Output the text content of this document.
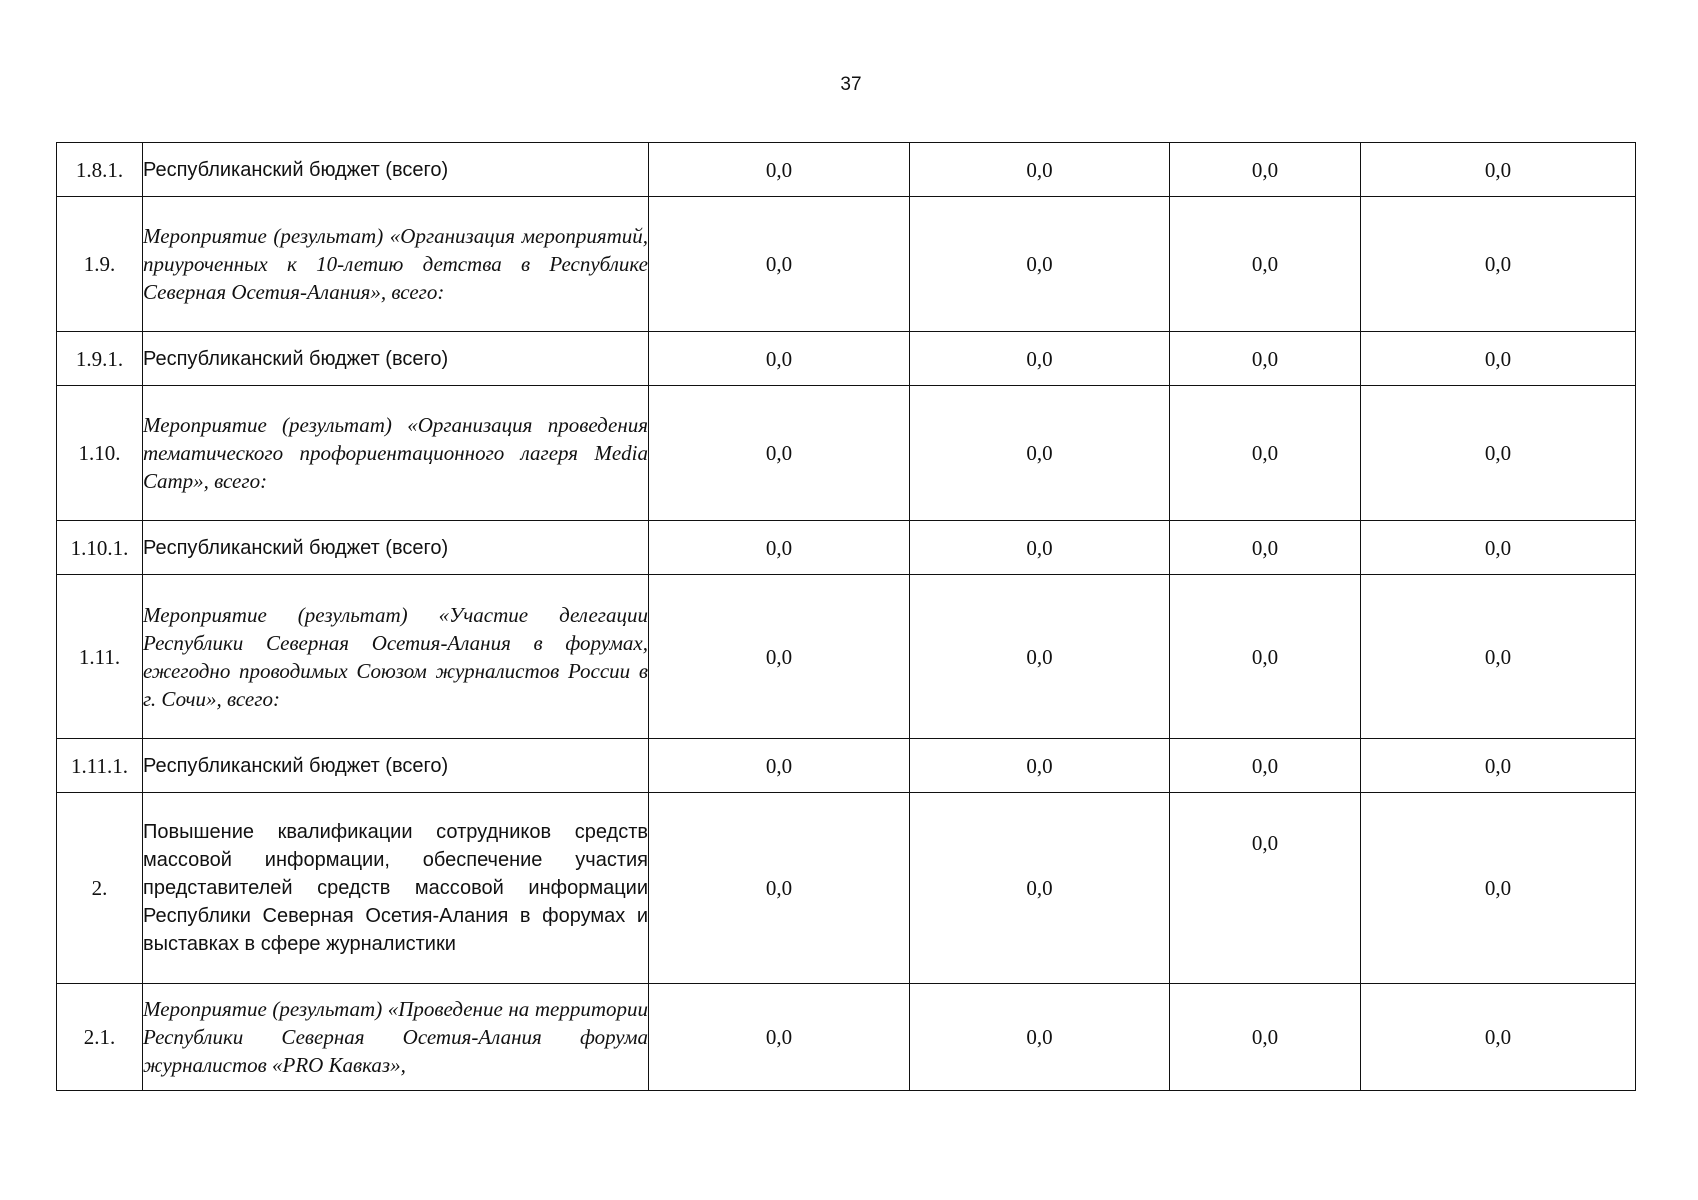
37
1.8.1.	Республиканский бюджет (всего)	0,0	0,0	0,0	0,0
1.9.	Мероприятие (результат) «Организация мероприятий, приуроченных к 10-летию детства в Республике Северная Осетия-Алания», всего:	0,0	0,0	0,0	0,0
1.9.1.	Республиканский бюджет (всего)	0,0	0,0	0,0	0,0
1.10.	Мероприятие (результат) «Организация проведения тематического профориентационного лагеря Media Camp», всего:	0,0	0,0	0,0	0,0
1.10.1.	Республиканский бюджет (всего)	0,0	0,0	0,0	0,0
1.11.	Мероприятие (результат) «Участие делегации Республики Северная Осетия-Алания в форумах, ежегодно проводимых Союзом журналистов России в г. Сочи», всего:	0,0	0,0	0,0	0,0
1.11.1.	Республиканский бюджет (всего)	0,0	0,0	0,0	0,0
2.	Повышение квалификации сотрудников средств массовой информации, обеспечение участия представителей средств массовой информации Республики Северная Осетия-Алания в форумах и выставках в сфере журналистики	0,0	0,0	0,0	0,0
2.1.	Мероприятие (результат) «Проведение на территории Республики Северная Осетия-Алания форума журналистов «PRO Кавказ»,	0,0	0,0	0,0	0,0
